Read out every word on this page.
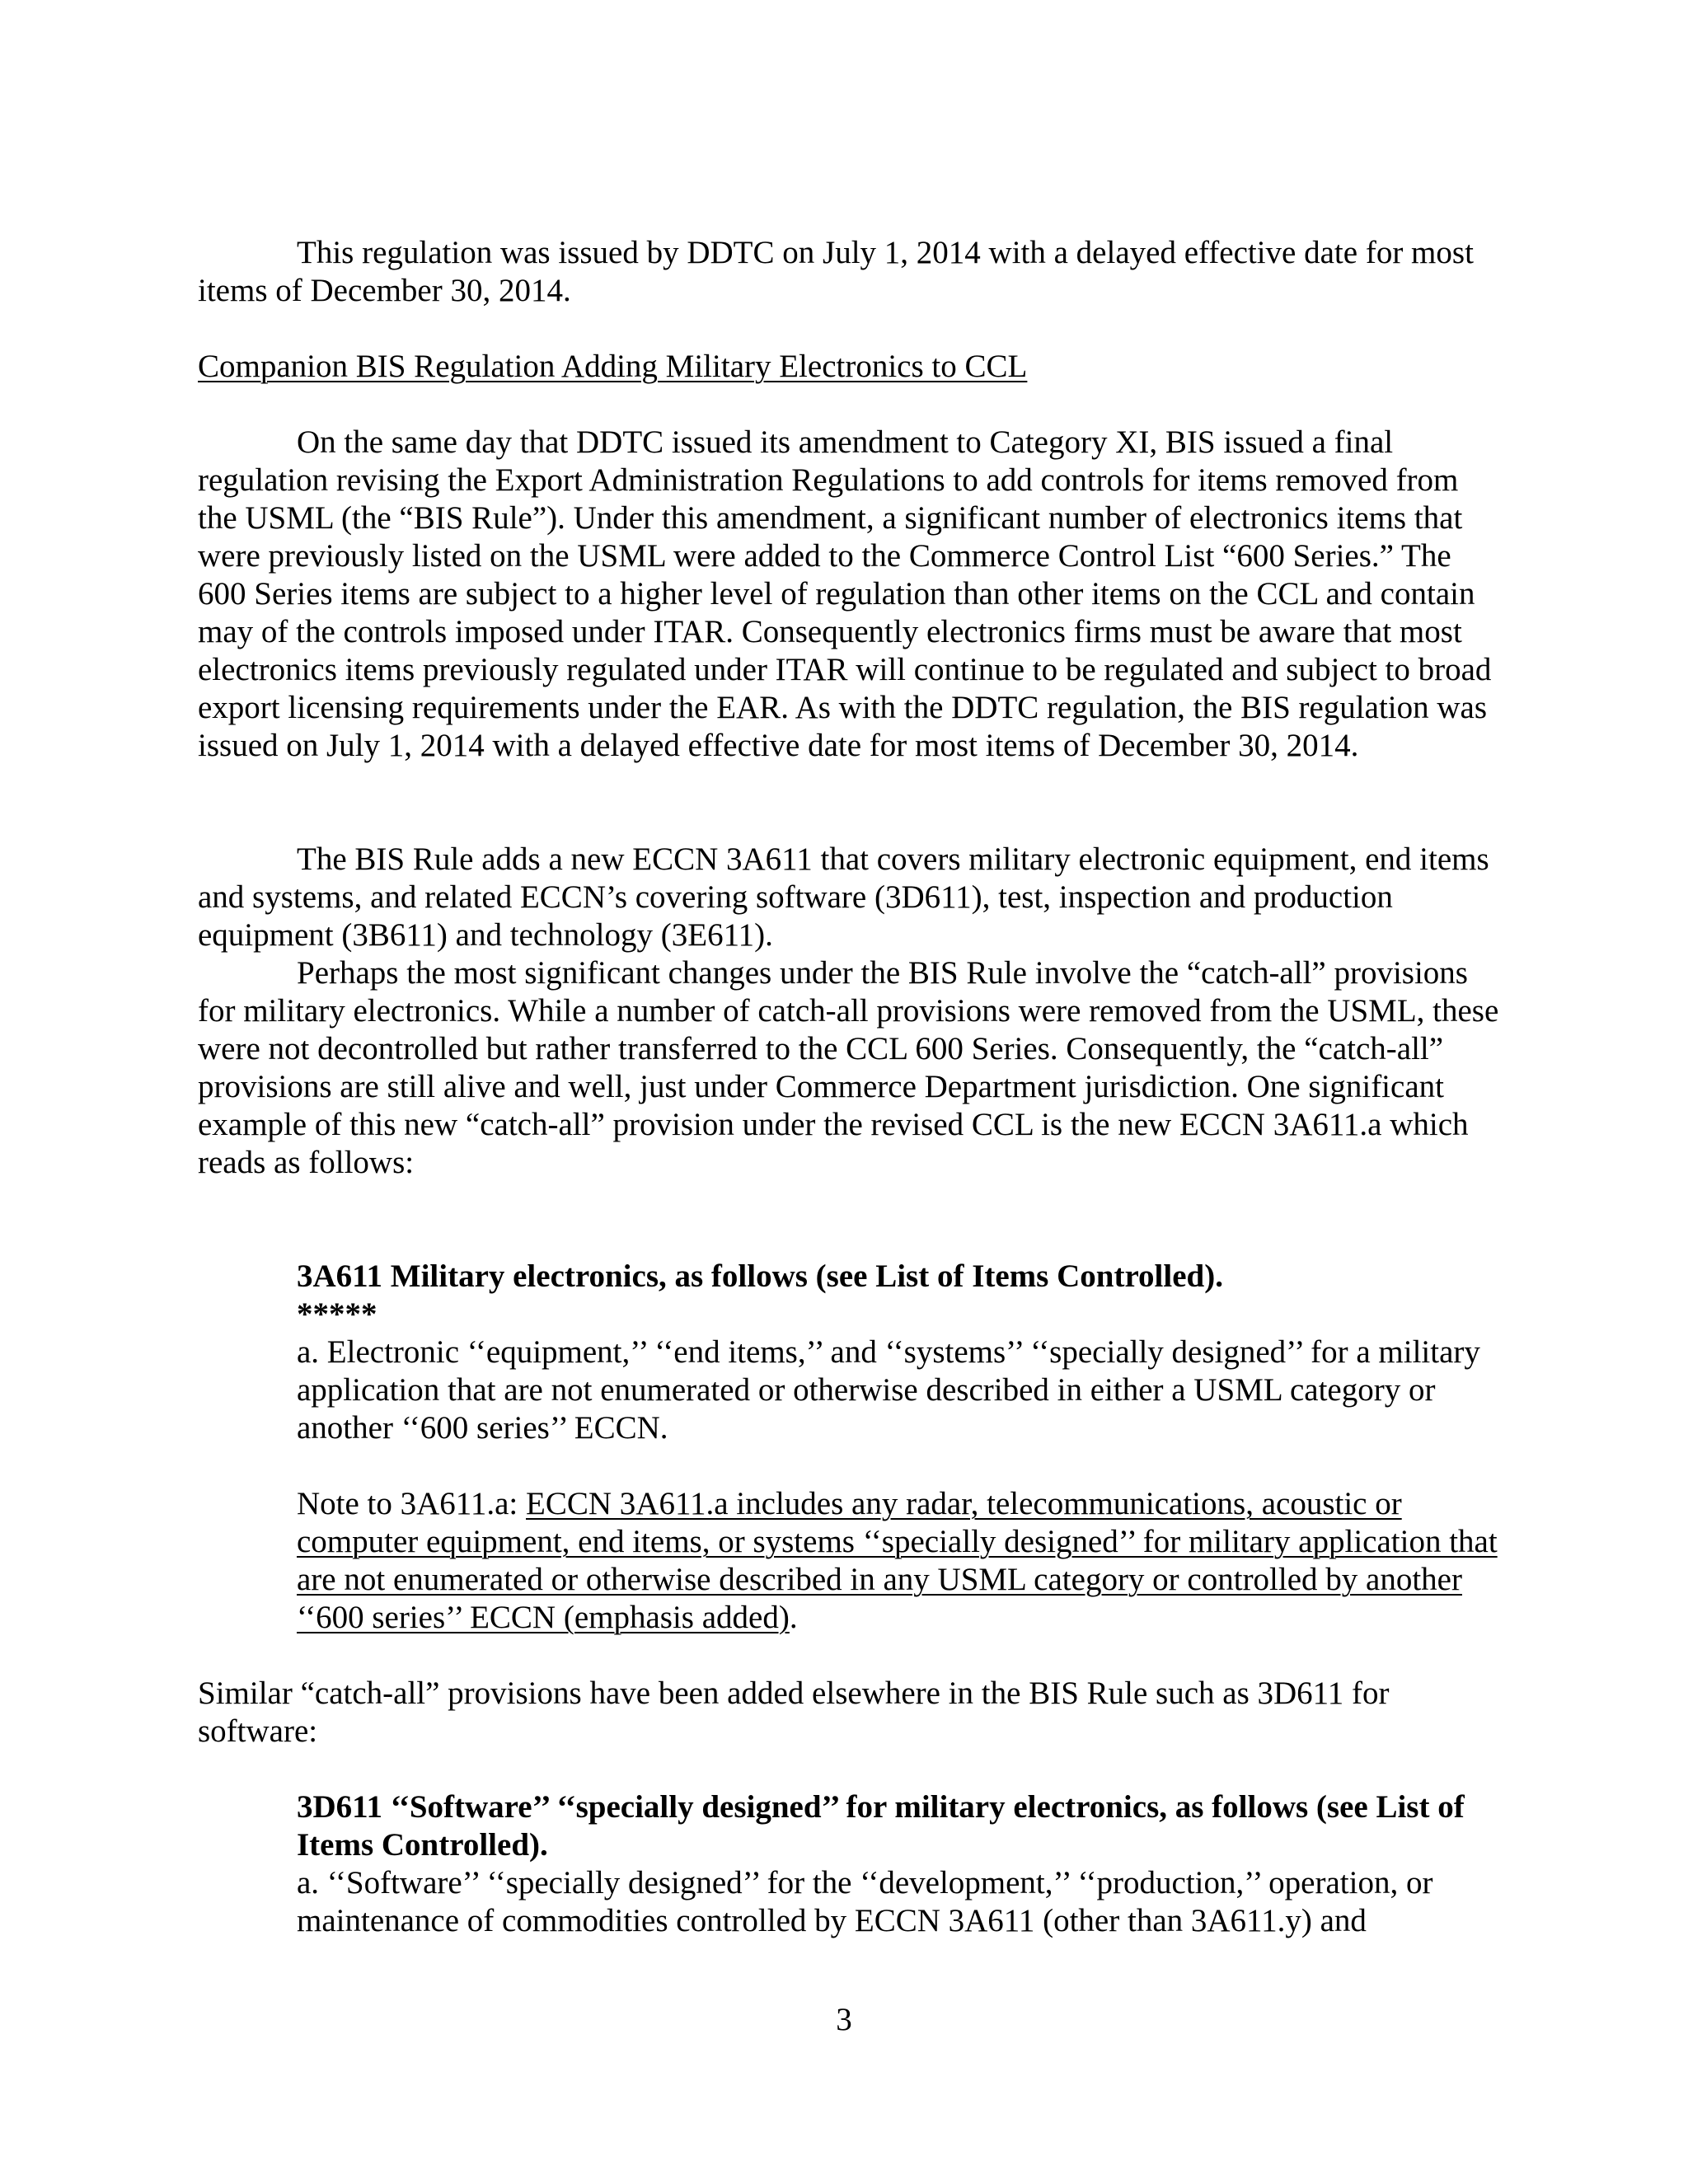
This regulation was issued by DDTC on July 1, 2014 with a delayed effective date for most items of December 30, 2014.

Companion BIS Regulation Adding Military Electronics to CCL

On the same day that DDTC issued its amendment to Category XI, BIS issued a final regulation revising the Export Administration Regulations to add controls for items removed from the USML (the “BIS Rule”). Under this amendment, a significant number of electronics items that were previously listed on the USML were added to the Commerce Control List “600 Series.” The 600 Series items are subject to a higher level of regulation than other items on the CCL and contain may of the controls imposed under ITAR. Consequently electronics firms must be aware that most electronics items previously regulated under ITAR will continue to be regulated and subject to broad export licensing requirements under the EAR. As with the DDTC regulation, the BIS regulation was issued on July 1, 2014 with a delayed effective date for most items of December 30, 2014.

The BIS Rule adds a new ECCN 3A611 that covers military electronic equipment, end items and systems, and related ECCN’s covering software (3D611), test, inspection and production equipment (3B611) and technology (3E611).

Perhaps the most significant changes under the BIS Rule involve the “catch-all” provisions for military electronics. While a number of catch-all provisions were removed from the USML, these were not decontrolled but rather transferred to the CCL 600 Series. Consequently, the “catch-all” provisions are still alive and well, just under Commerce Department jurisdiction. One significant example of this new “catch-all” provision under the revised CCL is the new ECCN 3A611.a which reads as follows:

3A611 Military electronics, as follows (see List of Items Controlled).
*****
a. Electronic ‘‘equipment,’’ ‘‘end items,’’ and ‘‘systems’’ ‘‘specially designed’’ for a military application that are not enumerated or otherwise described in either a USML category or another ‘‘600 series’’ ECCN.

Note to 3A611.a: ECCN 3A611.a includes any radar, telecommunications, acoustic or computer equipment, end items, or systems ‘‘specially designed’’ for military application that are not enumerated or otherwise described in any USML category or controlled by another ‘‘600 series’’ ECCN (emphasis added).

Similar “catch-all” provisions have been added elsewhere in the BIS Rule such as 3D611 for software:

3D611 ‘‘Software’’ ‘‘specially designed’’ for military electronics, as follows (see List of Items Controlled).
a. ‘‘Software’’ ‘‘specially designed’’ for the ‘‘development,’’ ‘‘production,’’ operation, or maintenance of commodities controlled by ECCN 3A611 (other than 3A611.y) and
3
